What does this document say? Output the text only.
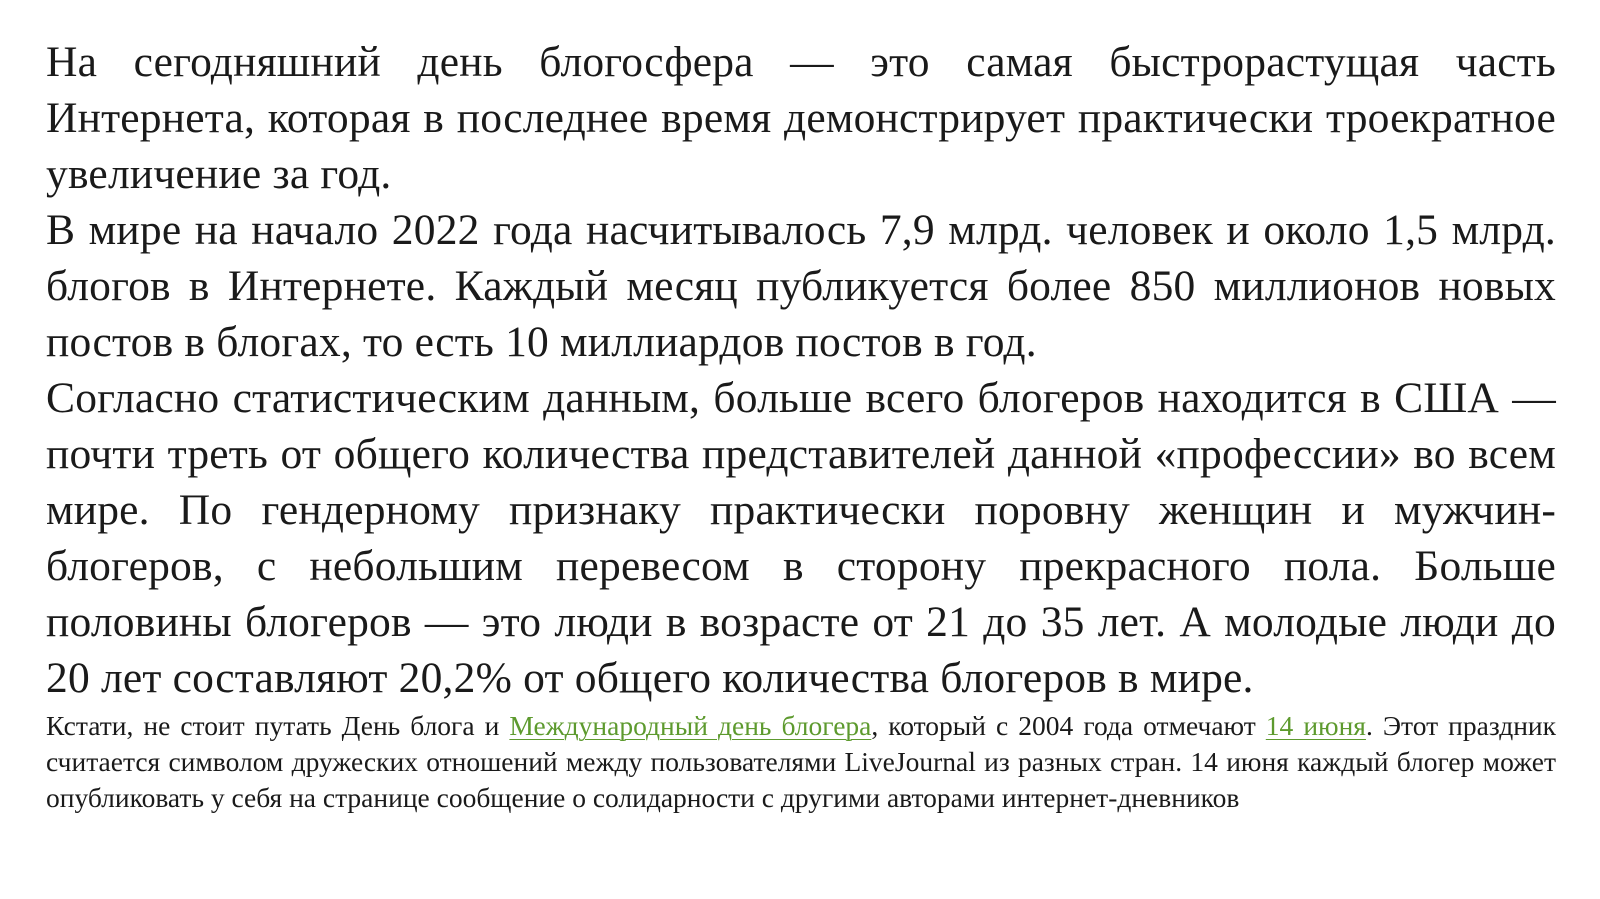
На сегодняшний день блогосфера — это самая быстрорастущая часть Интернета, которая в последнее время демонстрирует практически троекратное увеличение за год.

В мире на начало 2022 года насчитывалось 7,9 млрд. человек и около 1,5 млрд. блогов в Интернете. Каждый месяц публикуется более 850 миллионов новых постов в блогах, то есть 10 миллиардов постов в год.

Согласно статистическим данным, больше всего блогеров находится в США — почти треть от общего количества представителей данной «профессии» во всем мире. По гендерному признаку практически поровну женщин и мужчин-блогеров, с небольшим перевесом в сторону прекрасного пола. Больше половины блогеров — это люди в возрасте от 21 до 35 лет. А молодые люди до 20 лет составляют 20,2% от общего количества блогеров в мире.

Кстати, не стоит путать День блога и Международный день блогера, который с 2004 года отмечают 14 июня. Этот праздник считается символом дружеских отношений между пользователями LiveJournal из разных стран. 14 июня каждый блогер может опубликовать у себя на странице сообщение о солидарности с другими авторами интернет-дневников
